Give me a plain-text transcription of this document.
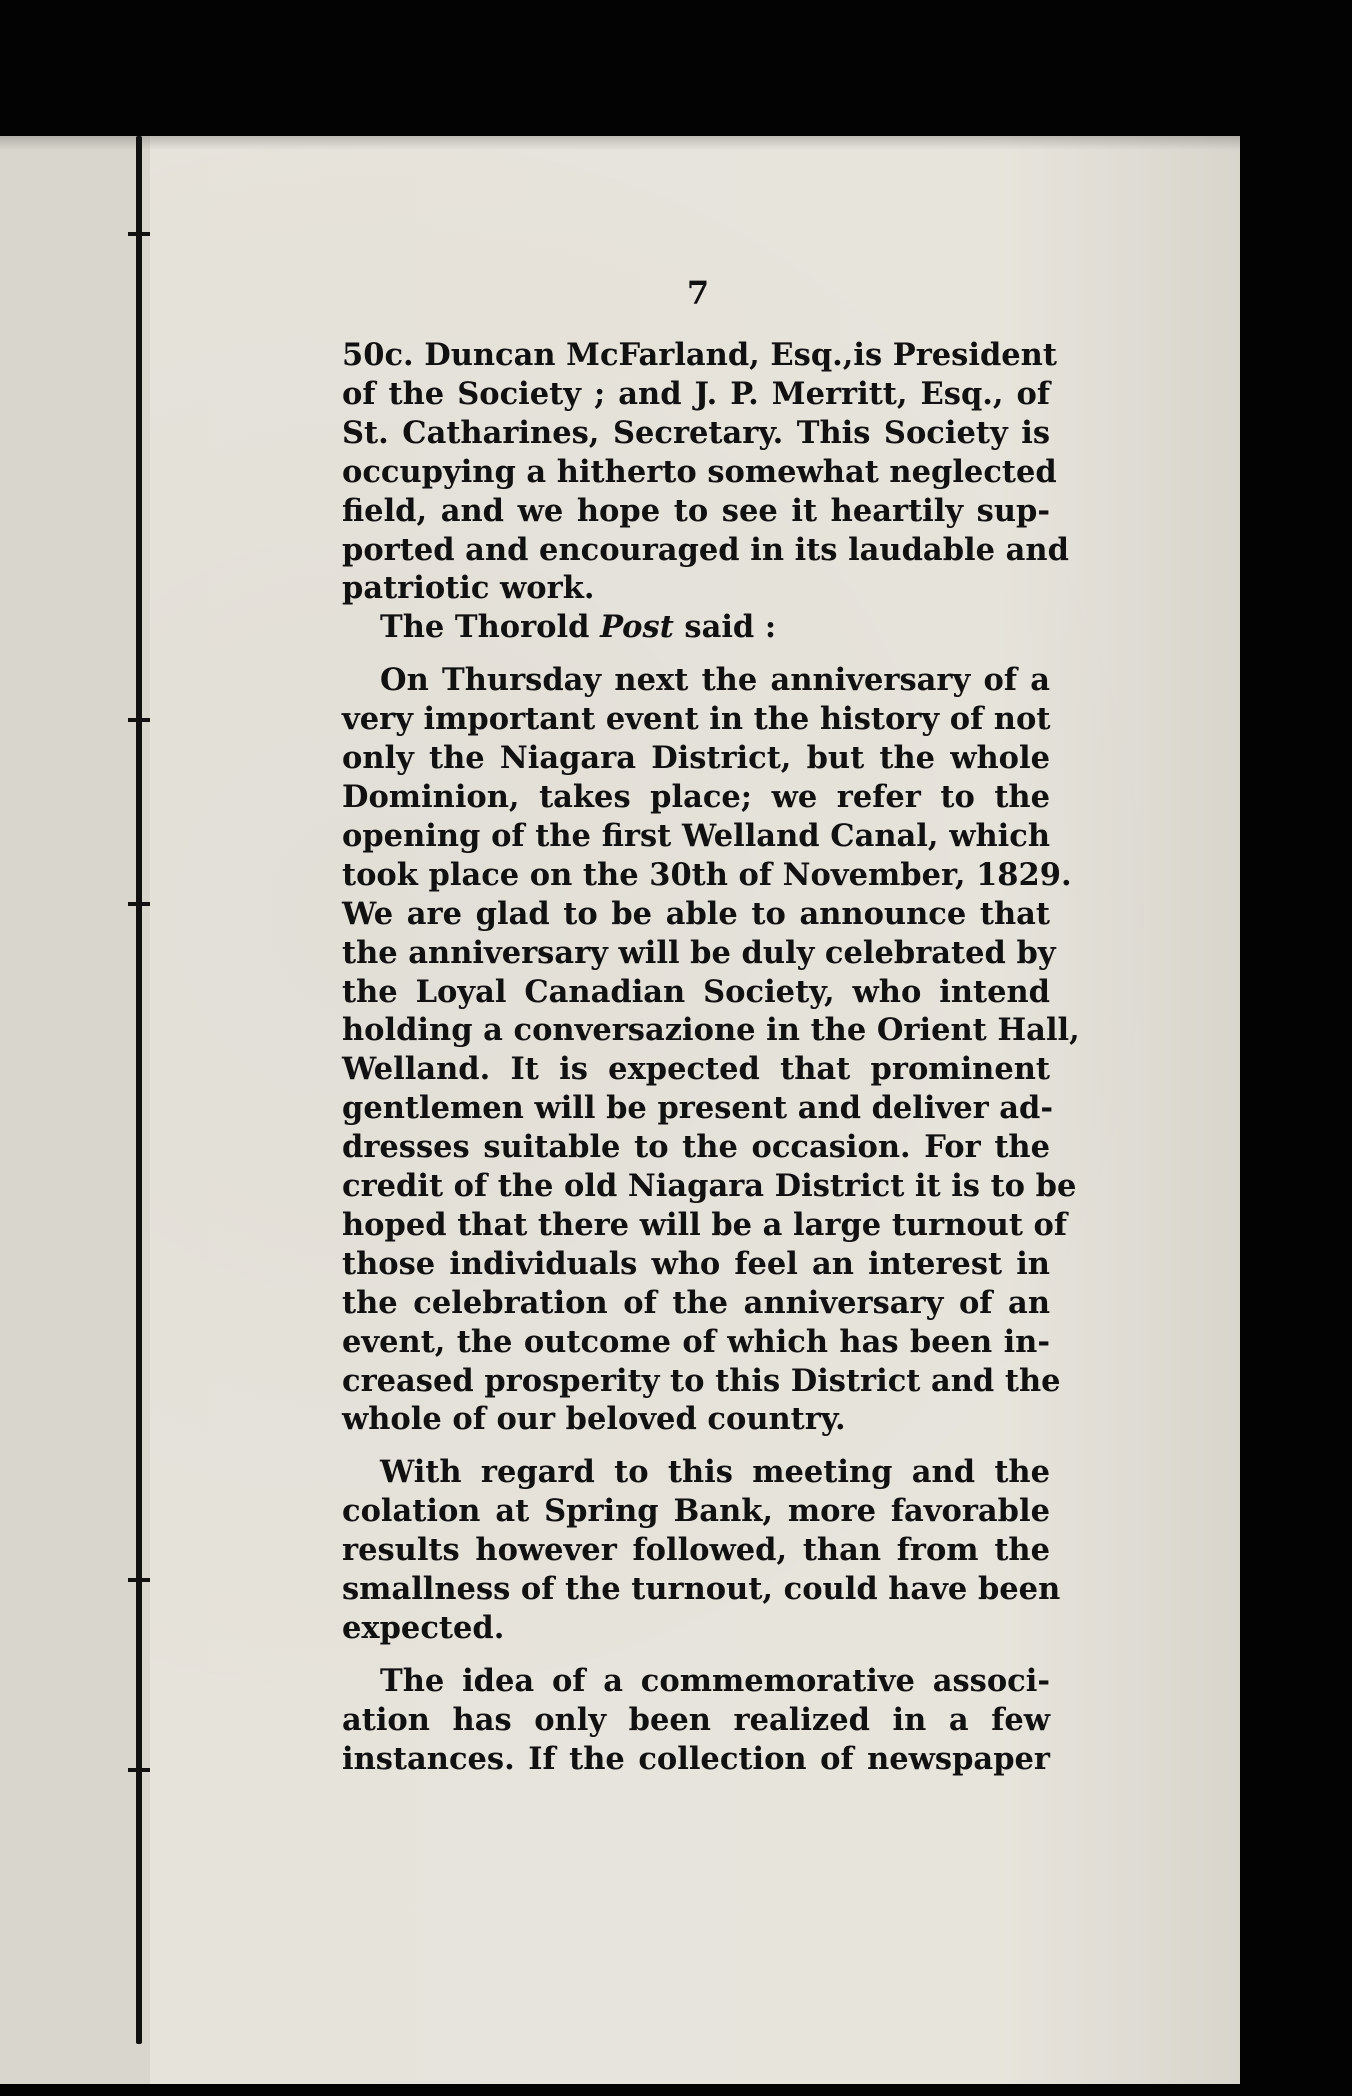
7
50c. Duncan McFarland, Esq.,is President
of the Society ; and J. P. Merritt, Esq., of
St. Catharines, Secretary. This Society is
occupying a hitherto somewhat neglected
field, and we hope to see it heartily sup-
ported and encouraged in its laudable and
patriotic work.
The Thorold Post said :
On Thursday next the anniversary of a
very important event in the history of not
only the Niagara District, but the whole
Dominion, takes place; we refer to the
opening of the first Welland Canal, which
took place on the 30th of November, 1829.
We are glad to be able to announce that
the anniversary will be duly celebrated by
the Loyal Canadian Society, who intend
holding a conversazione in the Orient Hall,
Welland. It is expected that prominent
gentlemen will be present and deliver ad-
dresses suitable to the occasion. For the
credit of the old Niagara District it is to be
hoped that there will be a large turnout of
those individuals who feel an interest in
the celebration of the anniversary of an
event, the outcome of which has been in-
creased prosperity to this District and the
whole of our beloved country.
With regard to this meeting and the
colation at Spring Bank, more favorable
results however followed, than from the
smallness of the turnout, could have been
expected.
The idea of a commemorative associ-
ation has only been realized in a few
instances. If the collection of newspaper
